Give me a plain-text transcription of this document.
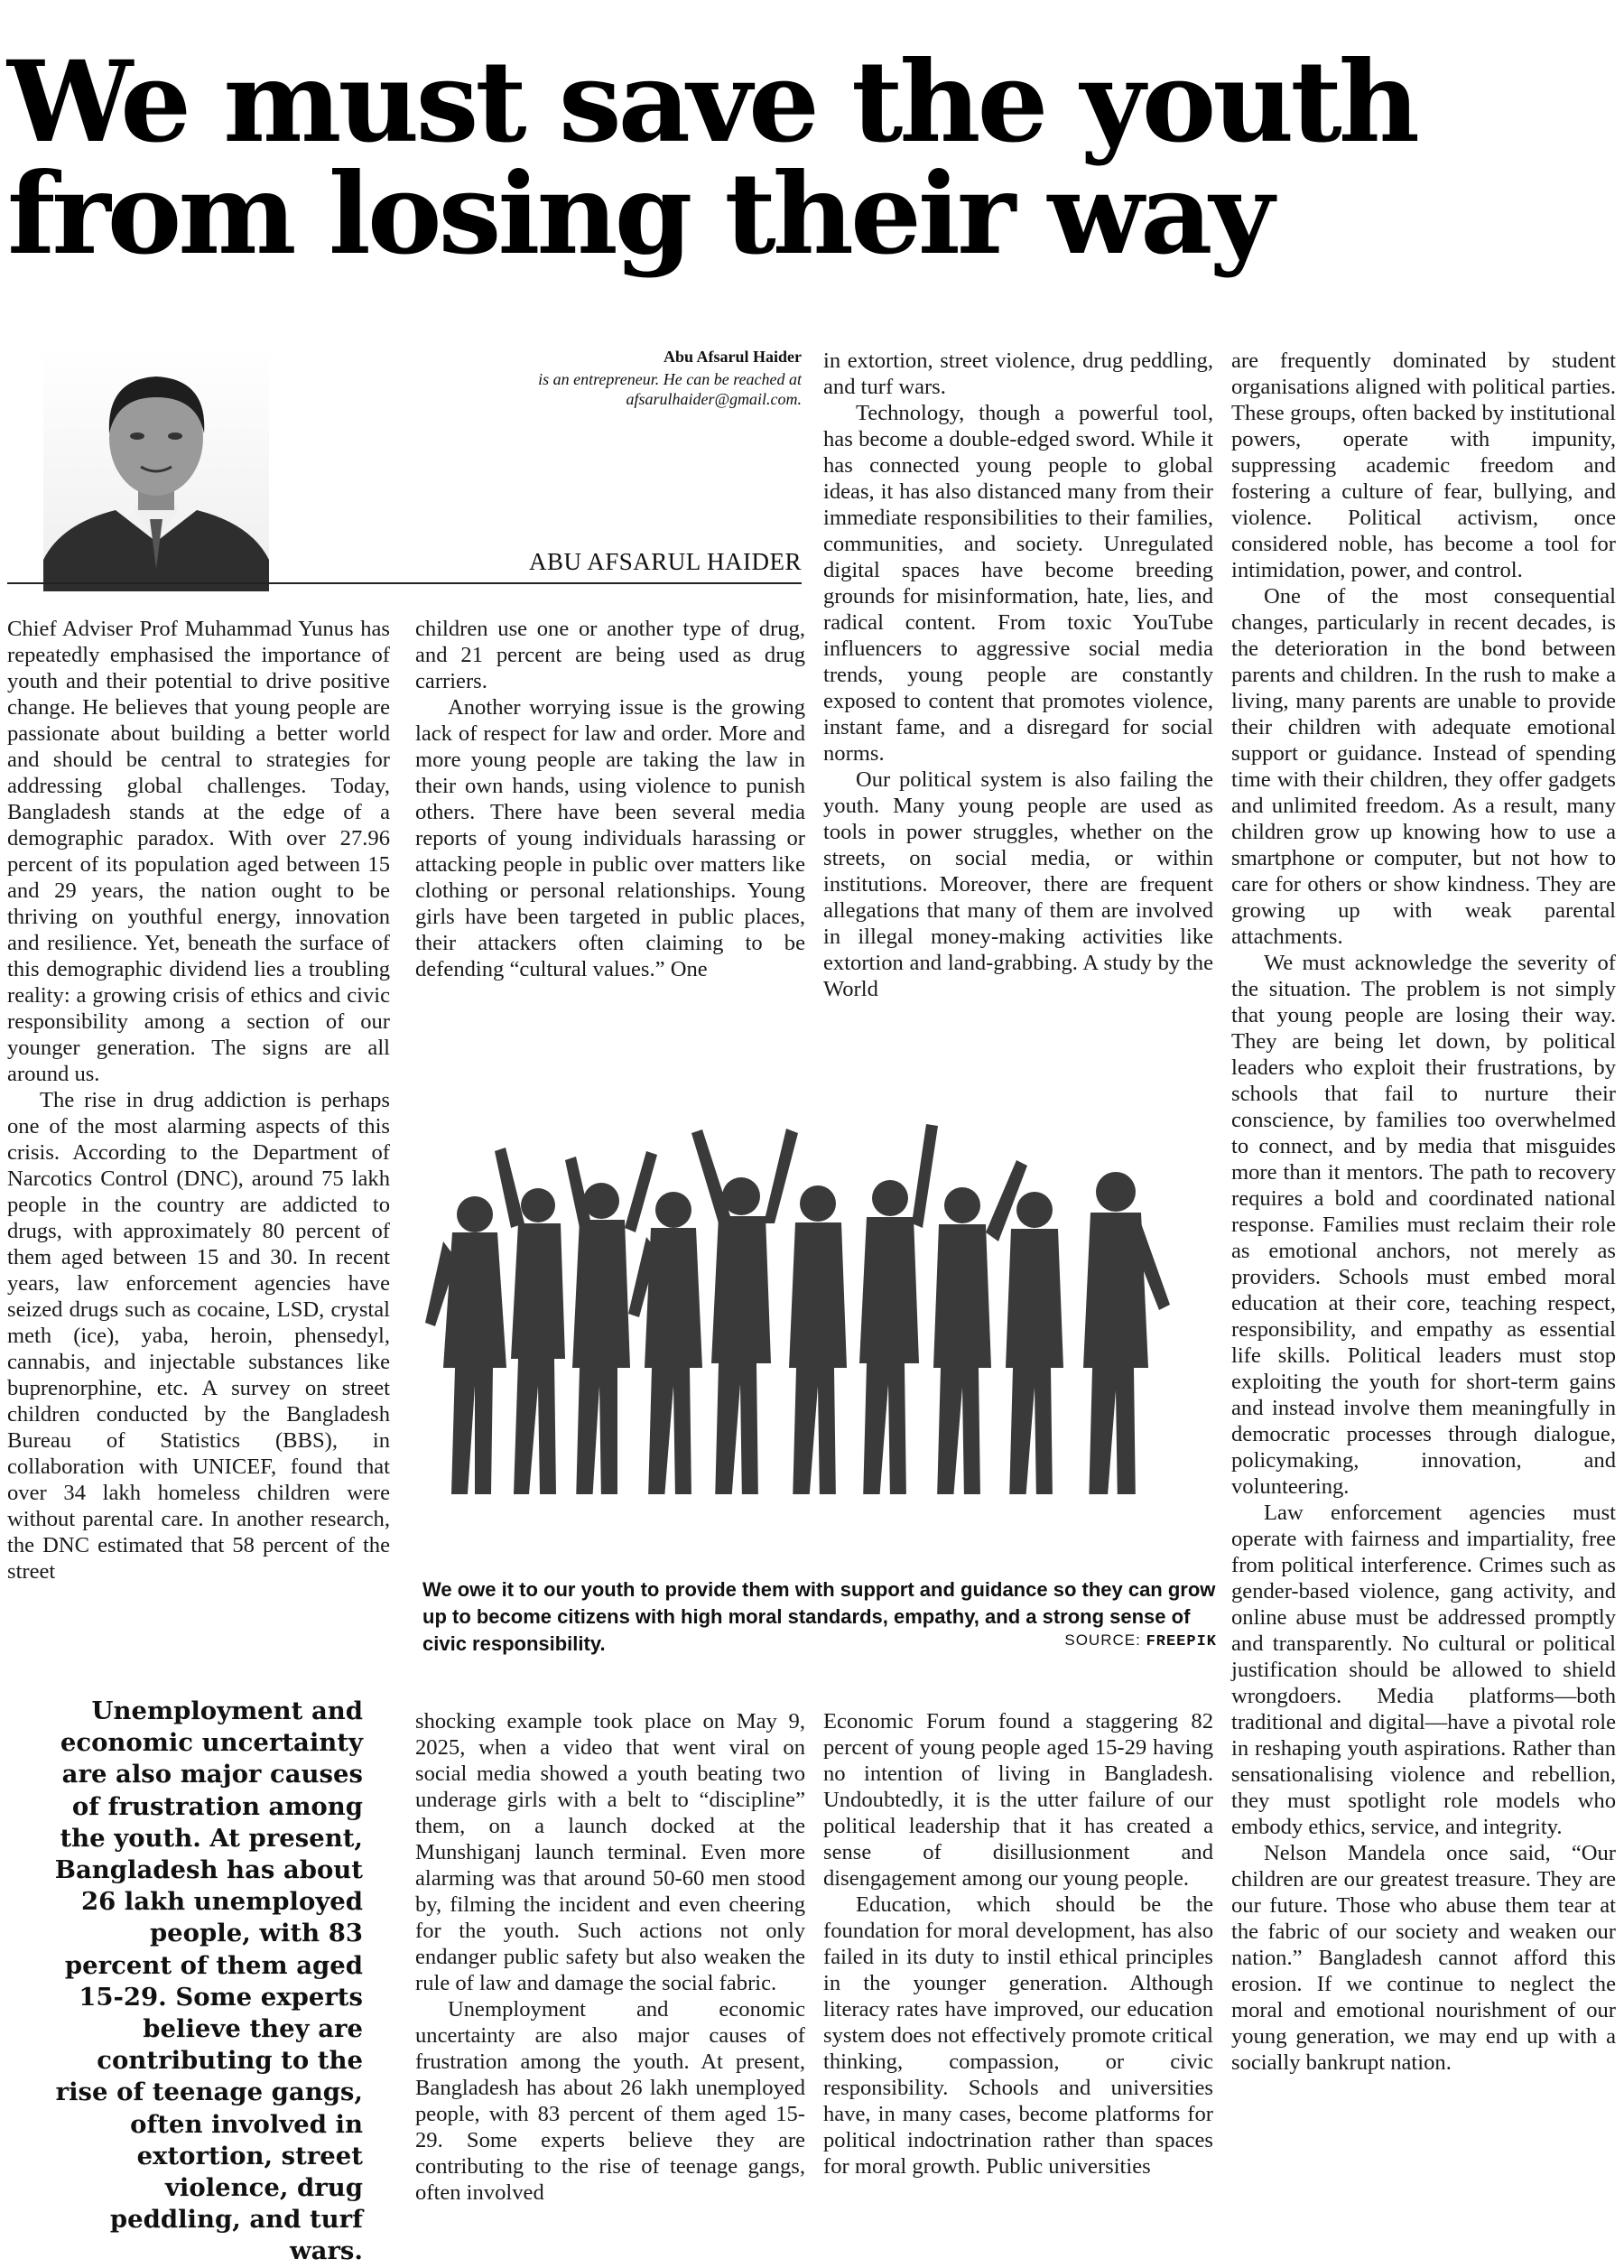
We must save the youth
from losing their way
Abu Afsarul Haider
is an entrepreneur. He can be reached at
afsarulhaider@gmail.com.
ABU AFSARUL HAIDER

Chief Adviser Prof Muhammad Yunus has repeatedly emphasised the importance of youth and their potential to drive positive change. He believes that young people are passionate about building a better world and should be central to strategies for addressing global challenges. Today, Bangladesh stands at the edge of a demographic paradox. With over 27.96 percent of its population aged between 15 and 29 years, the nation ought to be thriving on youthful energy, innovation and resilience. Yet, beneath the surface of this demographic dividend lies a troubling reality: a growing crisis of ethics and civic responsibility among a section of our younger generation. The signs are all around us.

The rise in drug addiction is perhaps one of the most alarming aspects of this crisis. According to the Department of Narcotics Control (DNC), around 75 lakh people in the country are addicted to drugs, with approximately 80 percent of them aged between 15 and 30. In recent years, law enforcement agencies have seized drugs such as cocaine, LSD, crystal meth (ice), yaba, heroin, phensedyl, cannabis, and injectable substances like buprenorphine, etc. A survey on street children conducted by the Bangladesh Bureau of Statistics (BBS), in collaboration with UNICEF, found that over 34 lakh homeless children were without parental care. In another research, the DNC estimated that 58 percent of the street

children use one or another type of drug, and 21 percent are being used as drug carriers.

Another worrying issue is the growing lack of respect for law and order. More and more young people are taking the law in their own hands, using violence to punish others. There have been several media reports of young individuals harassing or attacking people in public over matters like clothing or personal relationships. Young girls have been targeted in public places, their attackers often claiming to be defending “cultural values.” One

in extortion, street violence, drug peddling, and turf wars.

Technology, though a powerful tool, has become a double-edged sword. While it has connected young people to global ideas, it has also distanced many from their immediate responsibilities to their families, communities, and society. Unregulated digital spaces have become breeding grounds for misinformation, hate, lies, and radical content. From toxic YouTube influencers to aggressive social media trends, young people are constantly exposed to content that promotes violence, instant fame, and a disregard for social norms.

Our political system is also failing the youth. Many young people are used as tools in power struggles, whether on the streets, on social media, or within institutions. Moreover, there are frequent allegations that many of them are involved in illegal money-making activities like extortion and land-grabbing. A study by the World

We owe it to our youth to provide them with support and guidance so they can grow up to become citizens with high moral standards, empathy, and a strong sense of civic responsibility.	SOURCE: FREEPIK
Unemployment and economic uncertainty are also major causes of frustration among the youth. At present, Bangladesh has about 26 lakh unemployed people, with 83 percent of them aged 15-29. Some experts believe they are contributing to the rise of teenage gangs, often involved in extortion, street violence, drug peddling, and turf wars.

shocking example took place on May 9, 2025, when a video that went viral on social media showed a youth beating two underage girls with a belt to “discipline” them, on a launch docked at the Munshiganj launch terminal. Even more alarming was that around 50-60 men stood by, filming the incident and even cheering for the youth. Such actions not only endanger public safety but also weaken the rule of law and damage the social fabric.

Unemployment and economic uncertainty are also major causes of frustration among the youth. At present, Bangladesh has about 26 lakh unemployed people, with 83 percent of them aged 15-29. Some experts believe they are contributing to the rise of teenage gangs, often involved

Economic Forum found a staggering 82 percent of young people aged 15-29 having no intention of living in Bangladesh. Undoubtedly, it is the utter failure of our political leadership that it has created a sense of disillusionment and disengagement among our young people.

Education, which should be the foundation for moral development, has also failed in its duty to instil ethical principles in the younger generation. Although literacy rates have improved, our education system does not effectively promote critical thinking, compassion, or civic responsibility. Schools and universities have, in many cases, become platforms for political indoctrination rather than spaces for moral growth. Public universities

are frequently dominated by student organisations aligned with political parties. These groups, often backed by institutional powers, operate with impunity, suppressing academic freedom and fostering a culture of fear, bullying, and violence. Political activism, once considered noble, has become a tool for intimidation, power, and control.

One of the most consequential changes, particularly in recent decades, is the deterioration in the bond between parents and children. In the rush to make a living, many parents are unable to provide their children with adequate emotional support or guidance. Instead of spending time with their children, they offer gadgets and unlimited freedom. As a result, many children grow up knowing how to use a smartphone or computer, but not how to care for others or show kindness. They are growing up with weak parental attachments.

We must acknowledge the severity of the situation. The problem is not simply that young people are losing their way. They are being let down, by political leaders who exploit their frustrations, by schools that fail to nurture their conscience, by families too overwhelmed to connect, and by media that misguides more than it mentors. The path to recovery requires a bold and coordinated national response. Families must reclaim their role as emotional anchors, not merely as providers. Schools must embed moral education at their core, teaching respect, responsibility, and empathy as essential life skills. Political leaders must stop exploiting the youth for short-term gains and instead involve them meaningfully in democratic processes through dialogue, policymaking, innovation, and volunteering.

Law enforcement agencies must operate with fairness and impartiality, free from political interference. Crimes such as gender-based violence, gang activity, and online abuse must be addressed promptly and transparently. No cultural or political justification should be allowed to shield wrongdoers. Media platforms—both traditional and digital—have a pivotal role in reshaping youth aspirations. Rather than sensationalising violence and rebellion, they must spotlight role models who embody ethics, service, and integrity.

Nelson Mandela once said, “Our children are our greatest treasure. They are our future. Those who abuse them tear at the fabric of our society and weaken our nation.” Bangladesh cannot afford this erosion. If we continue to neglect the moral and emotional nourishment of our young generation, we may end up with a socially bankrupt nation.
